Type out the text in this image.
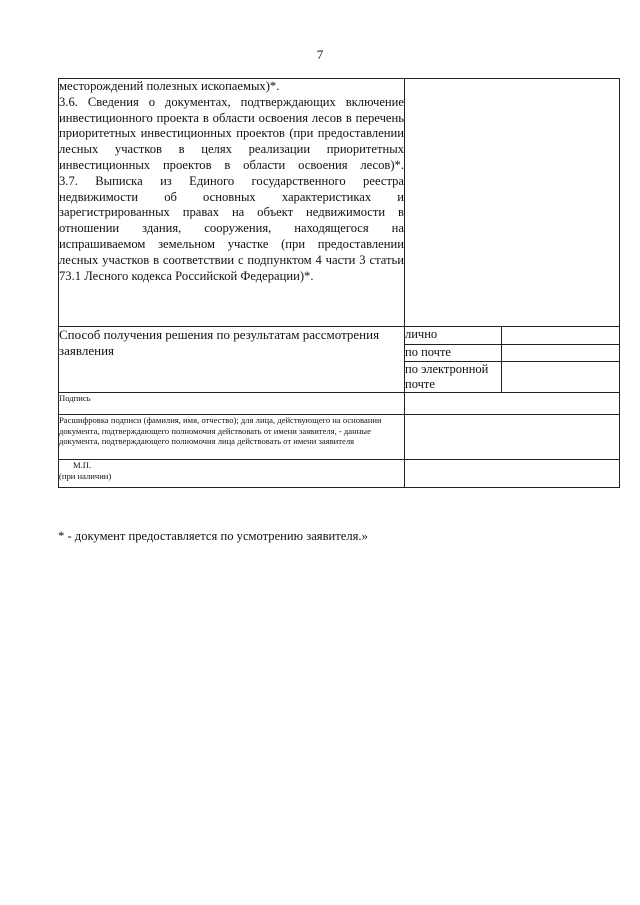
7

месторождений полезных ископаемых)*.

3.6. Сведения о документах, подтверждающих включение инвестиционного проекта в области освоения лесов в перечень приоритетных инвестиционных проектов (при предоставлении лесных участков в целях реализации приоритетных инвестиционных проектов в области освоения лесов)*.

3.7. Выписка из Единого государственного реестра недвижимости об основных характеристиках и зарегистрированных правах на объект недвижимости в отношении здания, сооружения, находящегося на испрашиваемом земельном участке (при предоставлении лесных участков в соответствии с подпунктом 4 части 3 статьи 73.1 Лесного кодекса Российской Федерации)*.		

Способ получения решения по результатам рассмотрения заявления	лично	
	по почте	
	по электронной почте	
Подпись		
Расшифровка подписи (фамилия, имя, отчество); для лица, действующего на основании документа, подтверждающего полномочия действовать от имени заявителя, - данные документа, подтверждающего полномочия лица действовать от имени заявителя		

М.П.
(при наличии)		

* - документ предоставляется по усмотрению заявителя.»
